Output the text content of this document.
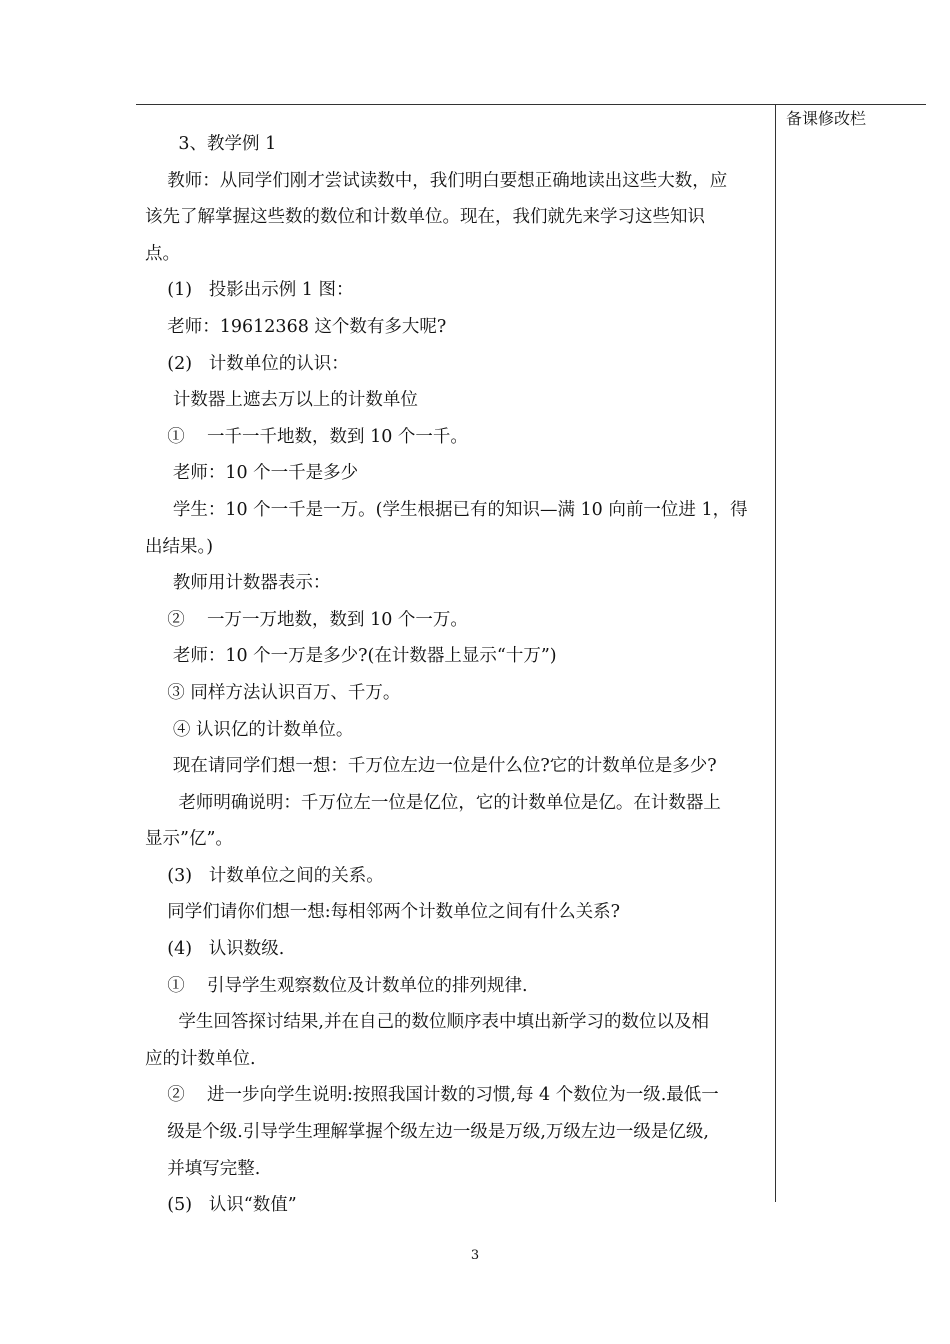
备课修改栏

3、教学例 1

教师：从同学们刚才尝试读数中，我们明白要想正确地读出这些大数，应

该先了解掌握这些数的数位和计数单位。现在，我们就先来学习这些知识

点。

(1)   投影出示例 1 图：

老师：19612368 这个数有多大呢?

(2)   计数单位的认识：

计数器上遮去万以上的计数单位

①    一千一千地数，数到 10 个一千。

老师：10 个一千是多少

学生：10 个一千是一万。(学生根据已有的知识—满 10 向前一位进 1，得

出结果。)

教师用计数器表示：

②    一万一万地数，数到 10 个一万。

老师：10 个一万是多少?(在计数器上显示“十万”)

③ 同样方法认识百万、千万。

④ 认识亿的计数单位。

现在请同学们想一想：千万位左边一位是什么位?它的计数单位是多少?

老师明确说明：千万位左一位是亿位，它的计数单位是亿。在计数器上

显示”亿”。

(3)   计数单位之间的关系。

同学们请你们想一想:每相邻两个计数单位之间有什么关系?

(4)   认识数级.

①    引导学生观察数位及计数单位的排列规律.

学生回答探讨结果,并在自己的数位顺序表中填出新学习的数位以及相

应的计数单位.

②    进一步向学生说明:按照我国计数的习惯,每 4 个数位为一级.最低一

级是个级.引导学生理解掌握个级左边一级是万级,万级左边一级是亿级,

并填写完整.

(5)   认识“数值”

3
